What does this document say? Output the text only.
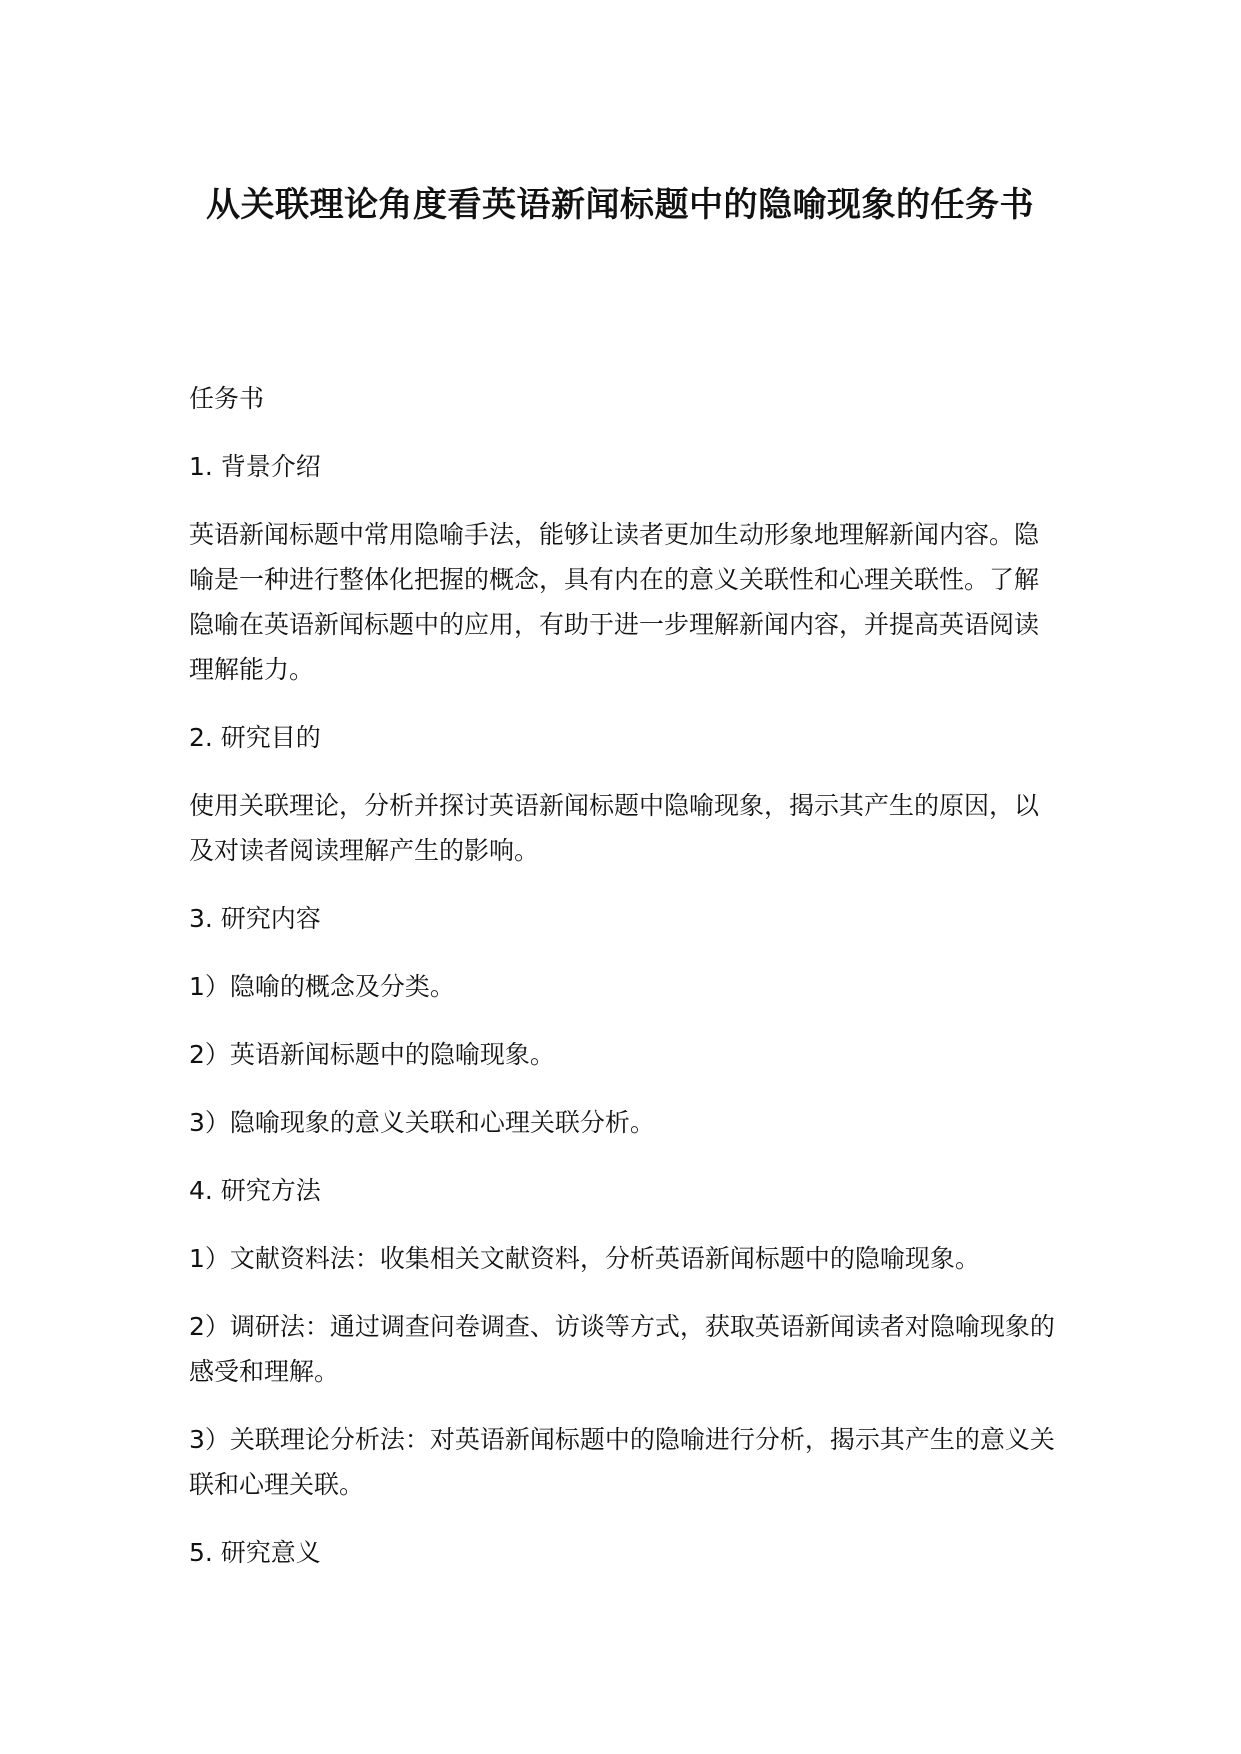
从关联理论角度看英语新闻标题中的隐喻现象的任务书

任务书

1. 背景介绍

英语新闻标题中常用隐喻手法，能够让读者更加生动形象地理解新闻内容。隐喻是一种进行整体化把握的概念，具有内在的意义关联性和心理关联性。了解隐喻在英语新闻标题中的应用，有助于进一步理解新闻内容，并提高英语阅读理解能力。

2. 研究目的

使用关联理论，分析并探讨英语新闻标题中隐喻现象，揭示其产生的原因，以及对读者阅读理解产生的影响。

3. 研究内容

1）隐喻的概念及分类。

2）英语新闻标题中的隐喻现象。

3）隐喻现象的意义关联和心理关联分析。

4. 研究方法

1）文献资料法：收集相关文献资料，分析英语新闻标题中的隐喻现象。

2）调研法：通过调查问卷调查、访谈等方式，获取英语新闻读者对隐喻现象的感受和理解。

3）关联理论分析法：对英语新闻标题中的隐喻进行分析，揭示其产生的意义关联和心理关联。

5. 研究意义
